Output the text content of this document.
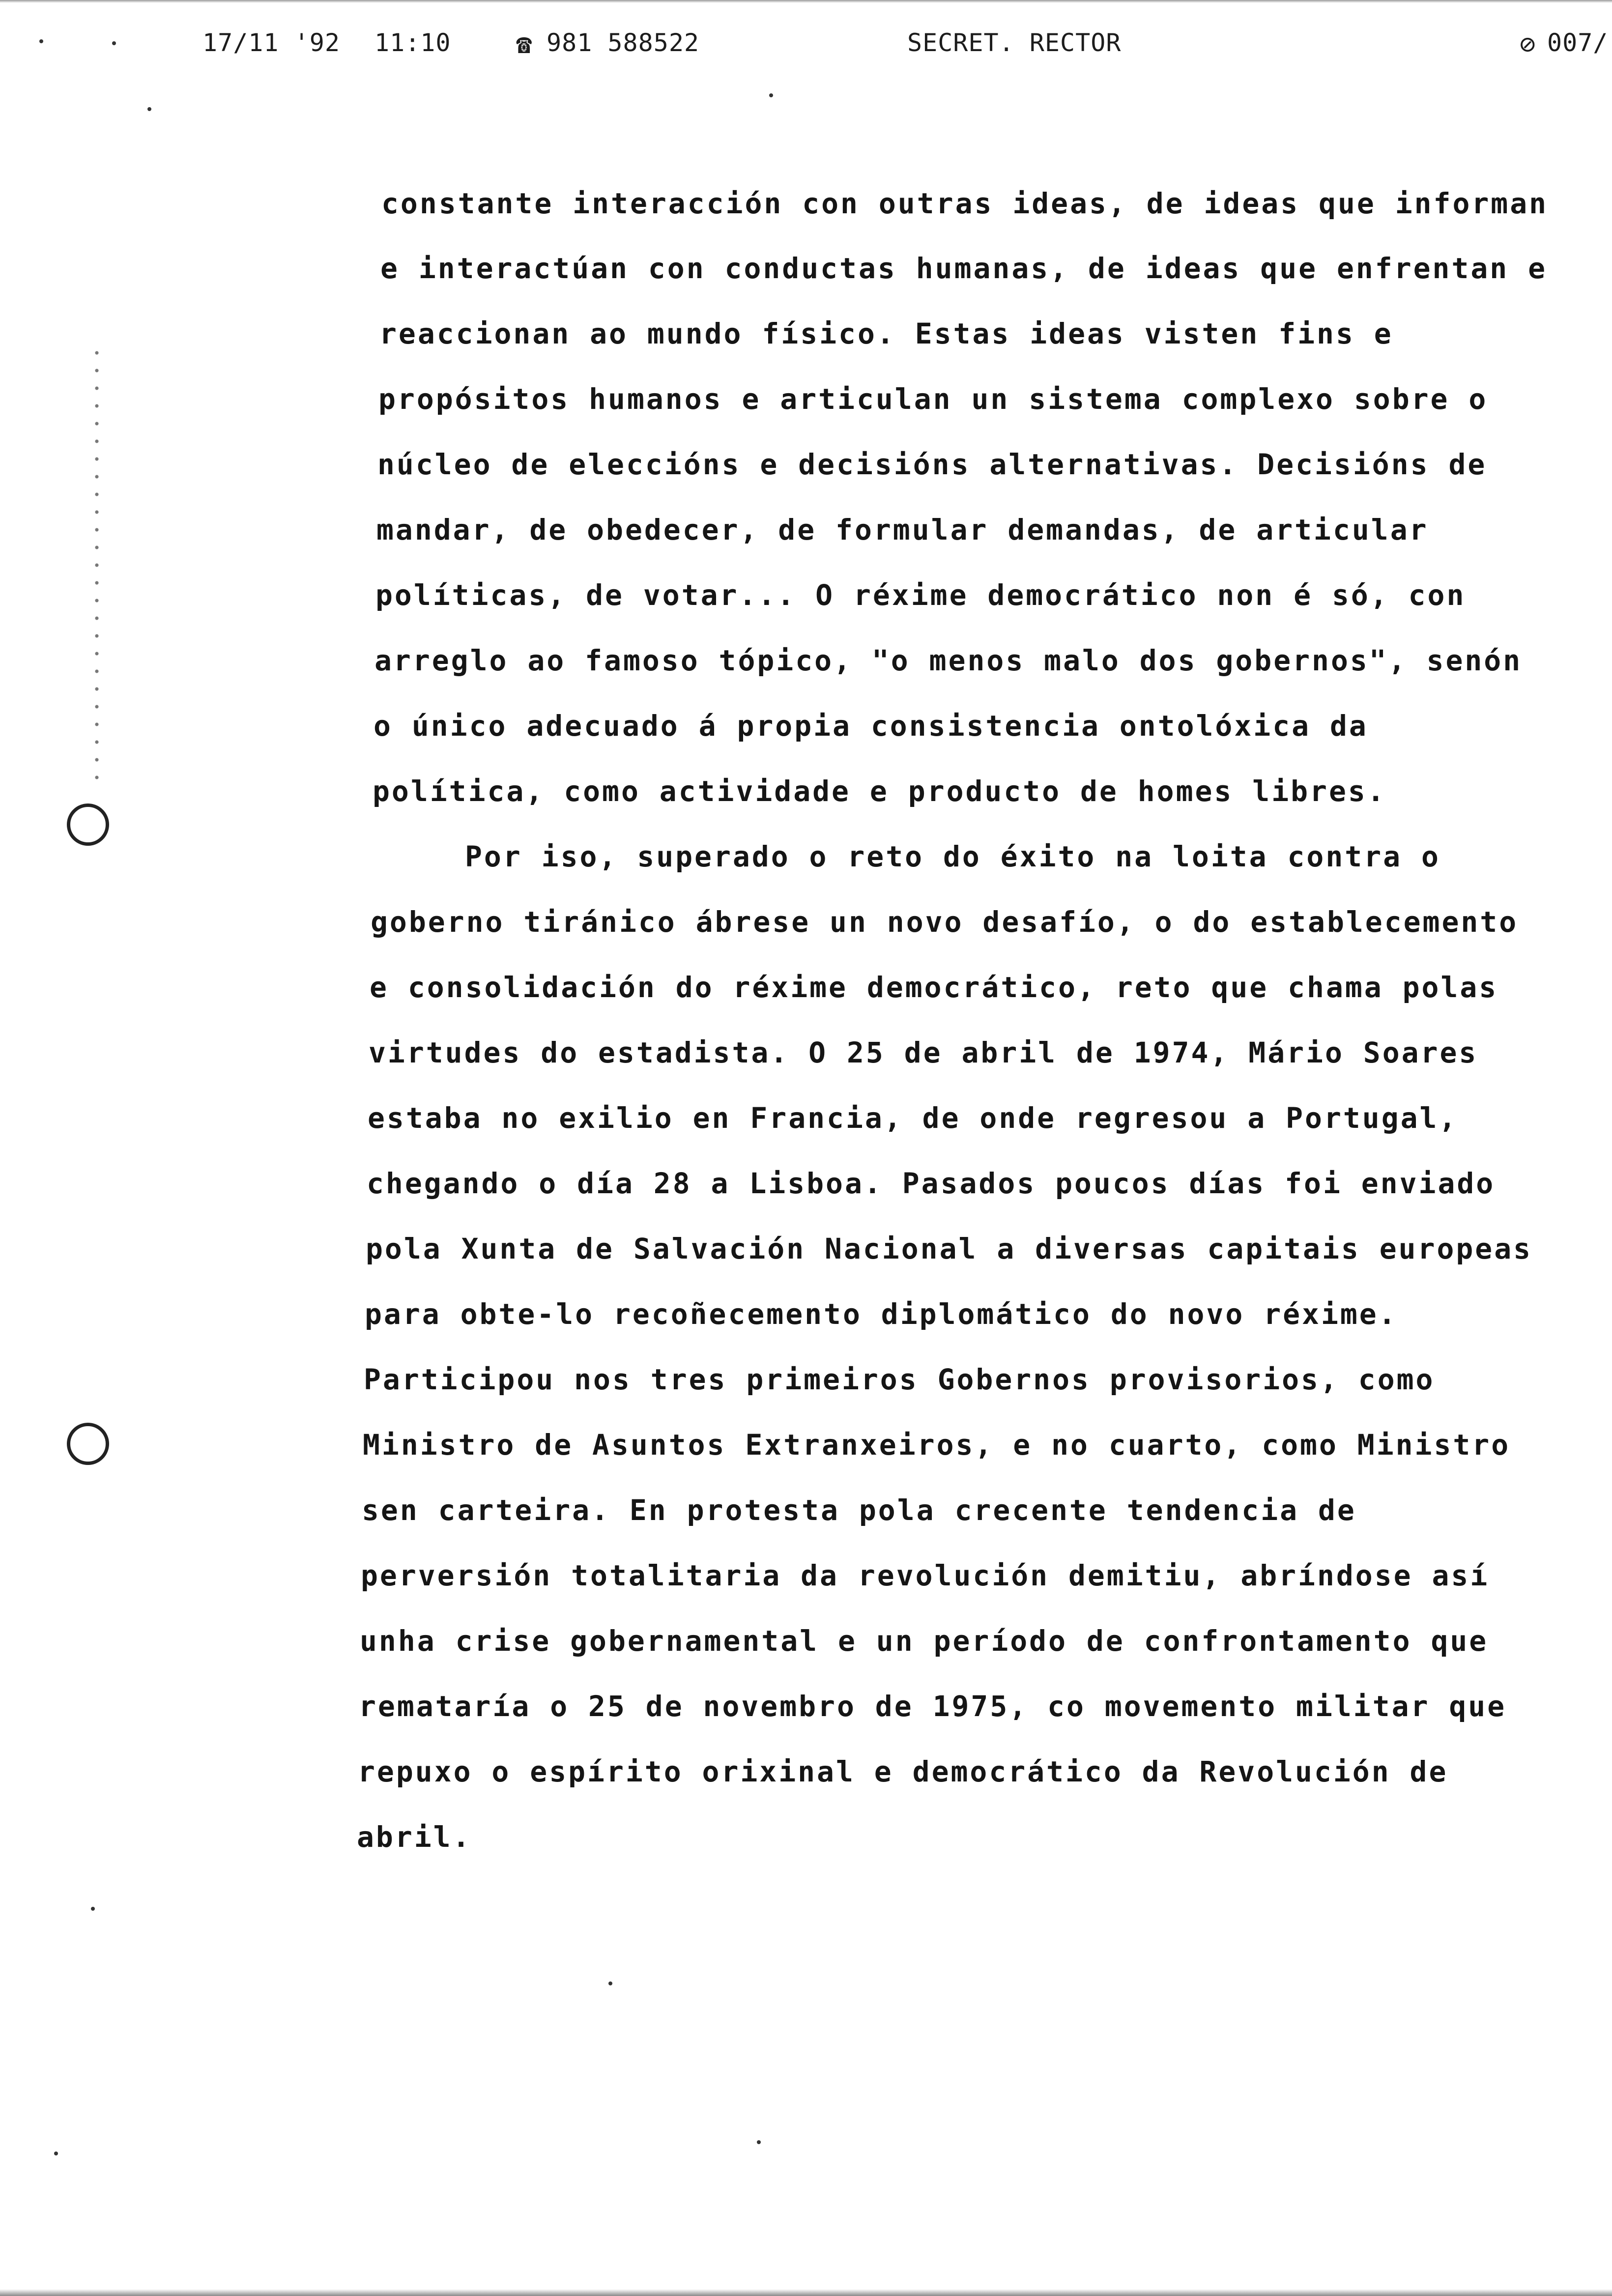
17/11 '92 11:10 ☎ 981 588522	SECRET. RECTOR	⊘ 007/
constante interacción con outras ideas, de ideas que informan
e interactúan con conductas humanas, de ideas que enfrentan e
reaccionan ao mundo físico. Estas ideas visten fins e
propósitos humanos e articulan un sistema complexo sobre o
núcleo de eleccións e decisións alternativas. Decisións de
mandar, de obedecer, de formular demandas, de articular
políticas, de votar... O réxime democrático non é só, con
arreglo ao famoso tópico, "o menos malo dos gobernos", senón
o único adecuado á propia consistencia ontolóxica da
política, como actividade e producto de homes libres.
Por iso, superado o reto do éxito na loita contra o
goberno tiránico ábrese un novo desafío, o do establecemento
e consolidación do réxime democrático, reto que chama polas
virtudes do estadista. O 25 de abril de 1974, Mário Soares
estaba no exilio en Francia, de onde regresou a Portugal,
chegando o día 28 a Lisboa. Pasados poucos días foi enviado
pola Xunta de Salvación Nacional a diversas capitais europeas
para obte-lo recoñecemento diplomático do novo réxime.
Participou nos tres primeiros Gobernos provisorios, como
Ministro de Asuntos Extranxeiros, e no cuarto, como Ministro
sen carteira. En protesta pola crecente tendencia de
perversión totalitaria da revolución demitiu, abríndose así
unha crise gobernamental e un período de confrontamento que
remataría o 25 de novembro de 1975, co movemento militar que
repuxo o espírito orixinal e democrático da Revolución de
abril.
